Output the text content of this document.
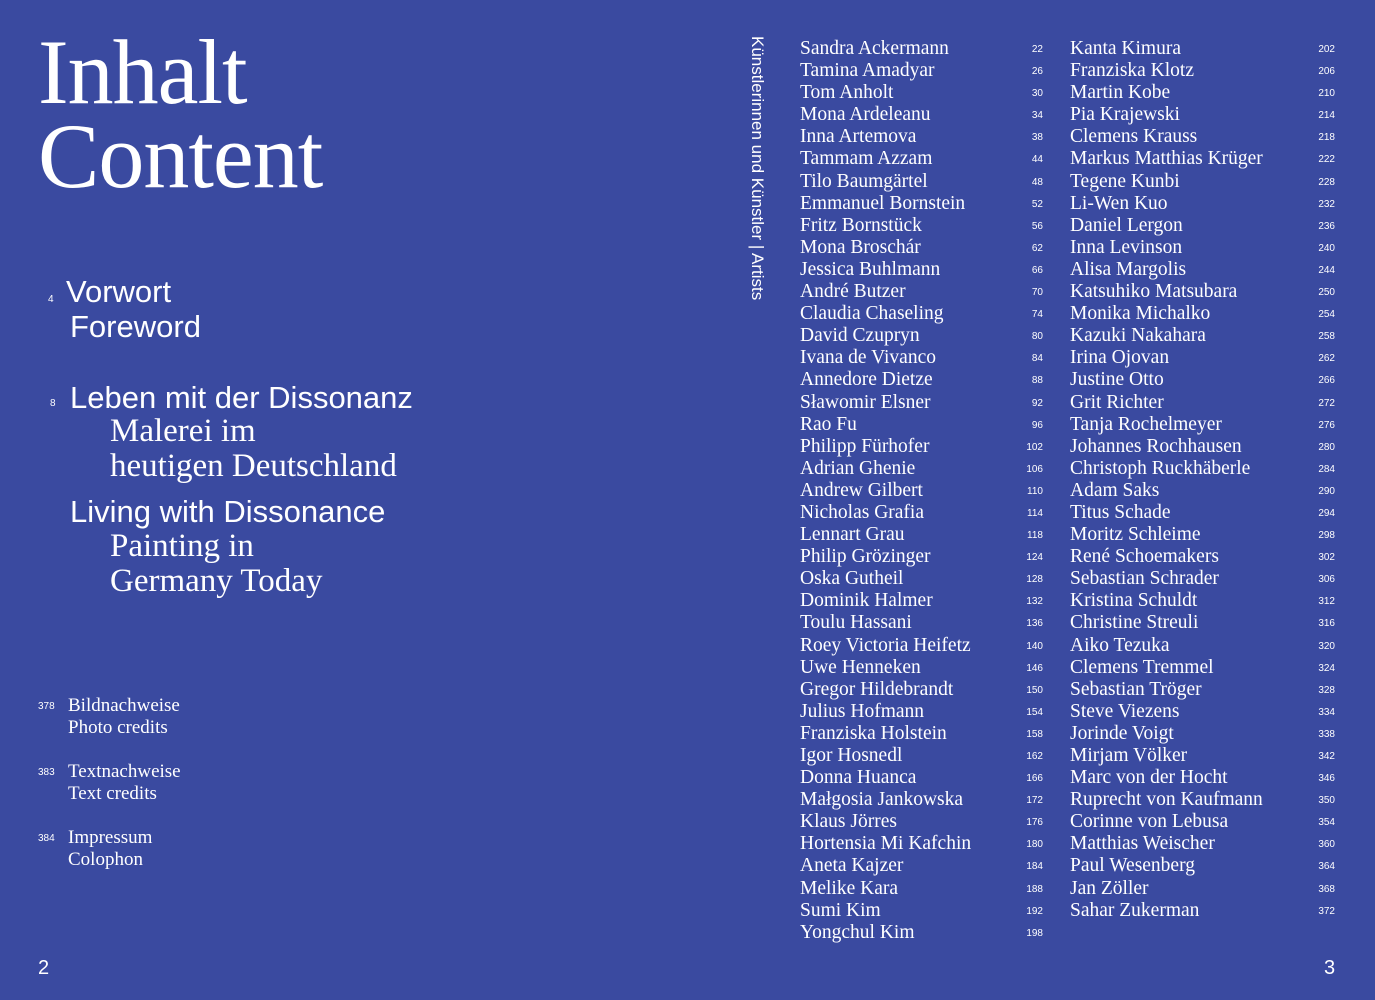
Inhalt
Content
4 Vorwort
Foreword
8 Leben mit der Dissonanz
Malerei im
heutigen Deutschland
Living with Dissonance
Painting in
Germany Today
378 Bildnachweise
Photo credits
383 Textnachweise
Text credits
384 Impressum
Colophon
2	3
Künstlerinnen und Künstler | Artists Sandra Ackermann	22
Tamina Amadyar	26
Tom Anholt	30
Mona Ardeleanu	34
Inna Artemova	38
Tammam Azzam	44
Tilo Baumgärtel	48
Emmanuel Bornstein	52
Fritz Bornstück	56
Mona Broschár	62
Jessica Buhlmann	66
André Butzer	70
Claudia Chaseling	74
David Czupryn	80
Ivana de Vivanco	84
Annedore Dietze	88
Sławomir Elsner	92
Rao Fu	96
Philipp Fürhofer	102
Adrian Ghenie	106
Andrew Gilbert	110
Nicholas Grafia	114
Lennart Grau	118
Philip Grözinger	124
Oska Gutheil	128
Dominik Halmer	132
Toulu Hassani	136
Roey Victoria Heifetz	140
Uwe Henneken	146
Gregor Hildebrandt	150
Julius Hofmann	154
Franziska Holstein	158
Igor Hosnedl	162
Donna Huanca	166
Małgosia Jankowska	172
Klaus Jörres	176
Hortensia Mi Kafchin	180
Aneta Kajzer	184
Melike Kara	188
Sumi Kim	192
Yongchul Kim	198
Kanta Kimura	202
Franziska Klotz	206
Martin Kobe	210
Pia Krajewski	214
Clemens Krauss	218
Markus Matthias Krüger	222
Tegene Kunbi	228
Li-Wen Kuo	232
Daniel Lergon	236
Inna Levinson	240
Alisa Margolis	244
Katsuhiko Matsubara	250
Monika Michalko	254
Kazuki Nakahara	258
Irina Ojovan	262
Justine Otto	266
Grit Richter	272
Tanja Rochelmeyer	276
Johannes Rochhausen	280
Christoph Ruckhäberle	284
Adam Saks	290
Titus Schade	294
Moritz Schleime	298
René Schoemakers	302
Sebastian Schrader	306
Kristina Schuldt	312
Christine Streuli	316
Aiko Tezuka	320
Clemens Tremmel	324
Sebastian Tröger	328
Steve Viezens	334
Jorinde Voigt	338
Mirjam Völker	342
Marc von der Hocht	346
Ruprecht von Kaufmann	350
Corinne von Lebusa	354
Matthias Weischer	360
Paul Wesenberg	364
Jan Zöller	368
Sahar Zukerman	372
